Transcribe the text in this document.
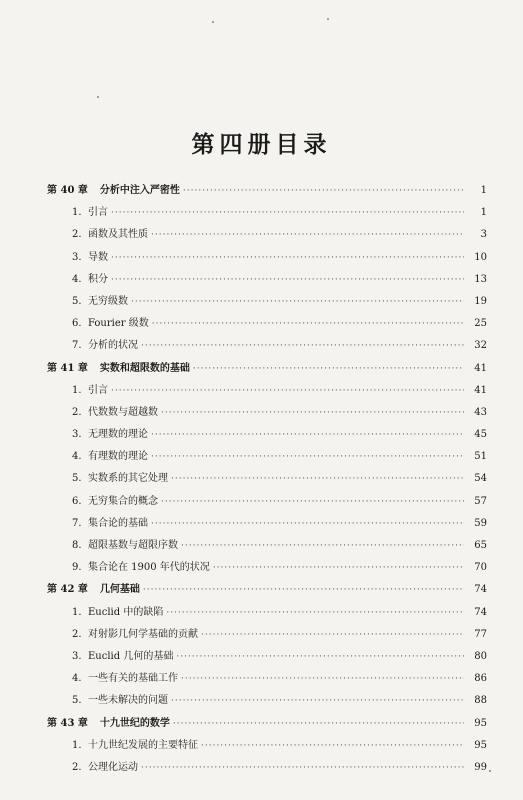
第四册目录
第 40 章 分析中注入严密性 ·····	1
1. 引言 ·····	1
2. 函数及其性质 ·····	3
3. 导数 ·····	10
4. 积分 ·····	13
5. 无穷级数 ·····	19
6. Fourier 级数 ·····	25
7. 分析的状况 ·····	32
第 41 章 实数和超限数的基础 ·····	41
1. 引言 ·····	41
2. 代数数与超越数 ·····	43
3. 无理数的理论 ·····	45
4. 有理数的理论 ·····	51
5. 实数系的其它处理 ·····	54
6. 无穷集合的概念 ·····	57
7. 集合论的基础 ·····	59
8. 超限基数与超限序数 ·····	65
9. 集合论在 1900 年代的状况 ·····	70
第 42 章 几何基础 ·····	74
1. Euclid 中的缺陷 ·····	74
2. 对射影几何学基础的贡献 ·····	77
3. Euclid 几何的基础 ·····	80
4. 一些有关的基础工作 ·····	86
5. 一些未解决的问题 ·····	88
第 43 章 十九世纪的数学 ·····	95
1. 十九世纪发展的主要特征 ·····	95
2. 公理化运动 ·····	99
